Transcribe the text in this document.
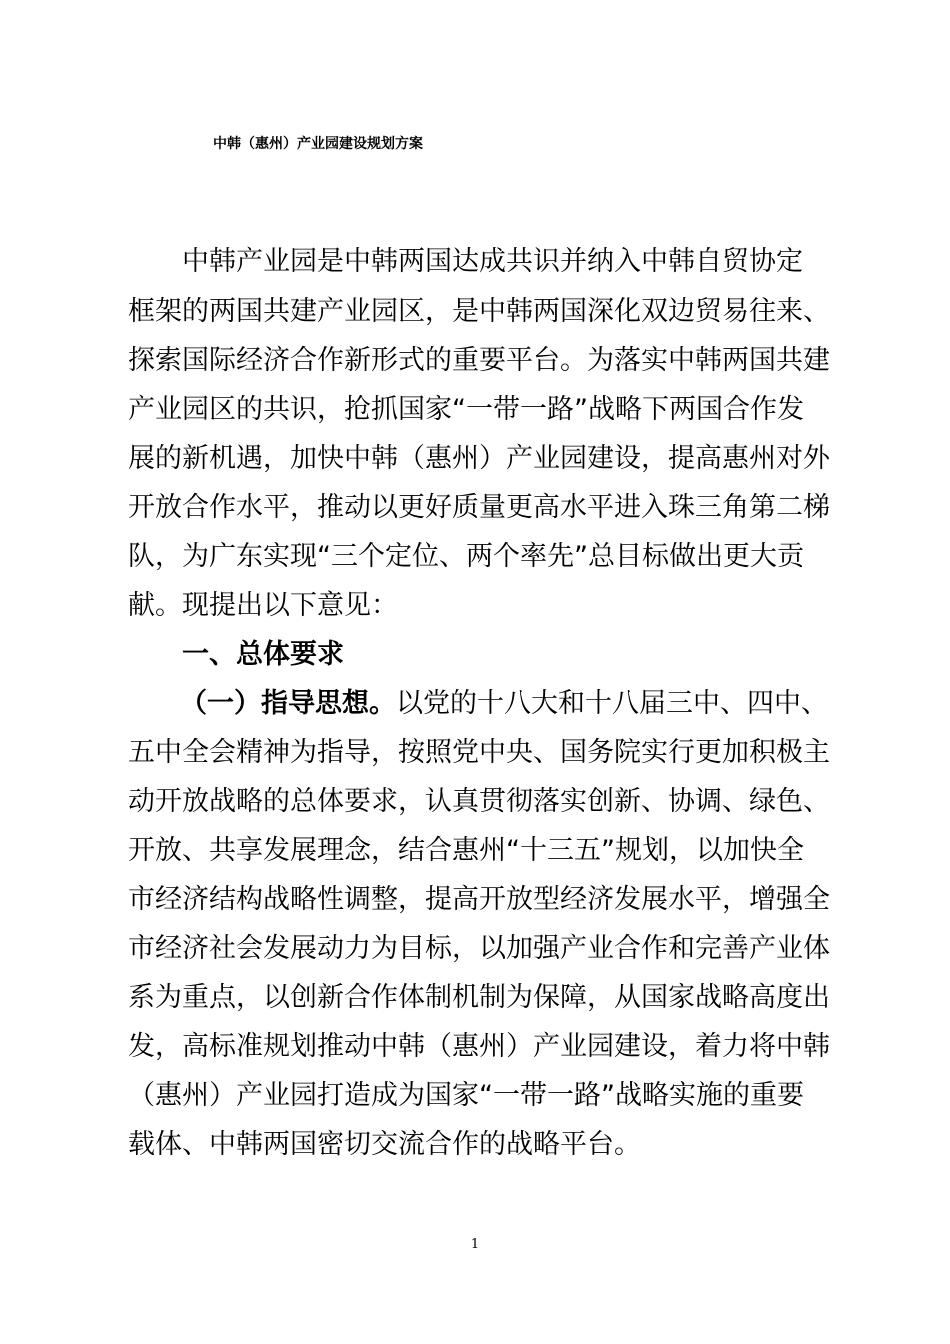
中韩（惠州）产业园建设规划方案
中韩产业园是中韩两国达成共识并纳入中韩自贸协定
框架的两国共建产业园区，是中韩两国深化双边贸易往来、
探索国际经济合作新形式的重要平台。为落实中韩两国共建
产业园区的共识，抢抓国家“一带一路”战略下两国合作发
展的新机遇，加快中韩（惠州）产业园建设，提高惠州对外
开放合作水平，推动以更好质量更高水平进入珠三角第二梯
队，为广东实现“三个定位、两个率先”总目标做出更大贡
献。现提出以下意见：
一、总体要求
（一）指导思想。以党的十八大和十八届三中、四中、
五中全会精神为指导，按照党中央、国务院实行更加积极主
动开放战略的总体要求，认真贯彻落实创新、协调、绿色、
开放、共享发展理念，结合惠州“十三五”规划，以加快全
市经济结构战略性调整，提高开放型经济发展水平，增强全
市经济社会发展动力为目标，以加强产业合作和完善产业体
系为重点，以创新合作体制机制为保障，从国家战略高度出
发，高标准规划推动中韩（惠州）产业园建设，着力将中韩
（惠州）产业园打造成为国家“一带一路”战略实施的重要
载体、中韩两国密切交流合作的战略平台。
1
